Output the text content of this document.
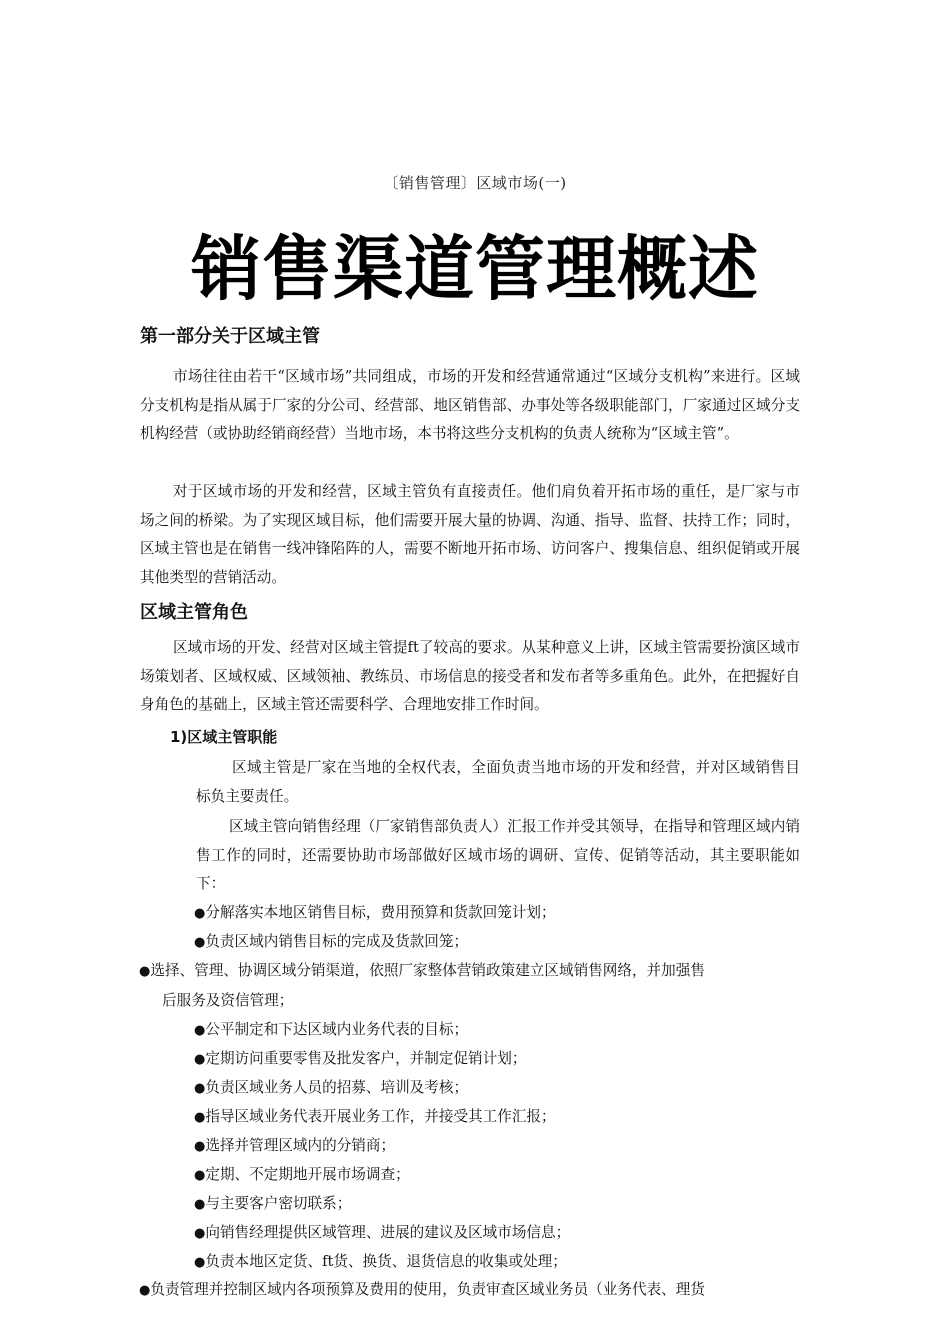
〔销售管理〕区域市场(一)
销售渠道管理概述
第一部分关于区域主管

市场往往由若干“区域市场”共同组成，市场的开发和经营通常通过“区域分支机构”来进行。区域分支机构是指从属于厂家的分公司、经营部、地区销售部、办事处等各级职能部门，厂家通过区域分支机构经营（或协助经销商经营）当地市场，本书将这些分支机构的负责人统称为“区域主管”。

对于区域市场的开发和经营，区域主管负有直接责任。他们肩负着开拓市场的重任，是厂家与市场之间的桥梁。为了实现区域目标，他们需要开展大量的协调、沟通、指导、监督、扶持工作；同时，区域主管也是在销售一线冲锋陷阵的人，需要不断地开拓市场、访问客户、搜集信息、组织促销或开展其他类型的营销活动。

区域主管角色

区域市场的开发、经营对区域主管提ft了较高的要求。从某种意义上讲，区域主管需要扮演区域市场策划者、区域权威、区域领袖、教练员、市场信息的接受者和发布者等多重角色。此外，在把握好自身角色的基础上，区域主管还需要科学、合理地安排工作时间。

1)区域主管职能

区域主管是厂家在当地的全权代表，全面负责当地市场的开发和经营，并对区域销售目标负主要责任。

区域主管向销售经理（厂家销售部负责人）汇报工作并受其领导，在指导和管理区域内销售工作的同时，还需要协助市场部做好区域市场的调研、宣传、促销等活动，其主要职能如下：

●分解落实本地区销售目标，费用预算和货款回笼计划；
●负责区域内销售目标的完成及货款回笼；
●选择、管理、协调区域分销渠道，依照厂家整体营销政策建立区域销售网络，并加强售
后服务及资信管理；
●公平制定和下达区域内业务代表的目标；
●定期访问重要零售及批发客户，并制定促销计划；
●负责区域业务人员的招募、培训及考核；
●指导区域业务代表开展业务工作，并接受其工作汇报；
●选择并管理区域内的分销商；
●定期、不定期地开展市场调查；
●与主要客户密切联系；
●向销售经理提供区域管理、进展的建议及区域市场信息；
●负责本地区定货、ft货、换货、退货信息的收集或处理；
●负责管理并控制区域内各项预算及费用的使用，负责审查区域业务员（业务代表、理货
